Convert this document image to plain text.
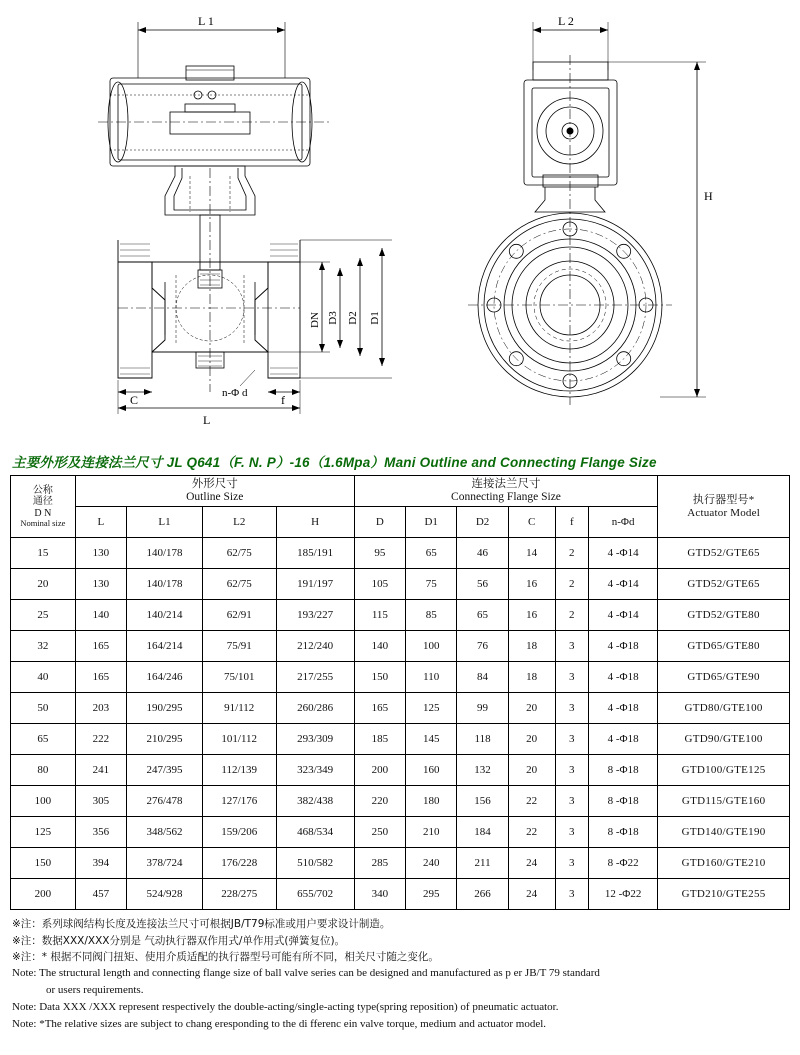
L 1	L 2
L
C	f
n-Φ d
H
DN D3 D2 D1
主要外形及连接法兰尺寸 JL Q641（F. N. P）-16（1.6Mpa）Mani Outline and Connecting Flange Size
公称
通径
D N
Nominal size

外形尺寸
Outline Size

连接法兰尺寸
Connecting Flange Size	执行器型号*
Actuator Model

	L	L1	L2	H	D	D1	D2	C	f	n-Φd	
15	130	140/178	62/75	185/191	95	65	46	14	2	4 -Φ14	GTD52/GTE65
20	130	140/178	62/75	191/197	105	75	56	16	2	4 -Φ14	GTD52/GTE65
25	140	140/214	62/91	193/227	115	85	65	16	2	4 -Φ14	GTD52/GTE80
32	165	164/214	75/91	212/240	140	100	76	18	3	4 -Φ18	GTD65/GTE80
40	165	164/246	75/101	217/255	150	110	84	18	3	4 -Φ18	GTD65/GTE90
50	203	190/295	91/112	260/286	165	125	99	20	3	4 -Φ18	GTD80/GTE100
65	222	210/295	101/112	293/309	185	145	118	20	3	4 -Φ18	GTD90/GTE100
80	241	247/395	112/139	323/349	200	160	132	20	3	8 -Φ18	GTD100/GTE125
100	305	276/478	127/176	382/438	220	180	156	22	3	8 -Φ18	GTD115/GTE160
125	356	348/562	159/206	468/534	250	210	184	22	3	8 -Φ18	GTD140/GTE190
150	394	378/724	176/228	510/582	285	240	211	24	3	8 -Φ22	GTD160/GTE210
200	457	524/928	228/275	655/702	340	295	266	24	3	12 -Φ22	GTD210/GTE255
※注：系列球阀结构长度及连接法兰尺寸可根据JB/T79标准或用户要求设计制造。
※注：数据XXX/XXX分别是 气动执行器双作用式/单作用式(弹簧复位)。
※注：* 根据不同阀门扭矩、使用介质适配的执行器型号可能有所不同，相关尺寸随之变化。
Note: The structural length and connecting flange size of ball valve series can be designed and manufactured as p er JB/T 79 standard
or users requirements.
Note: Data XXX /XXX represent respectively the double-acting/single-acting type(spring reposition) of pneumatic actuator.
Note: *The relative sizes are subject to chang eresponding to the di fferenc ein valve torque, medium and actuator model.
